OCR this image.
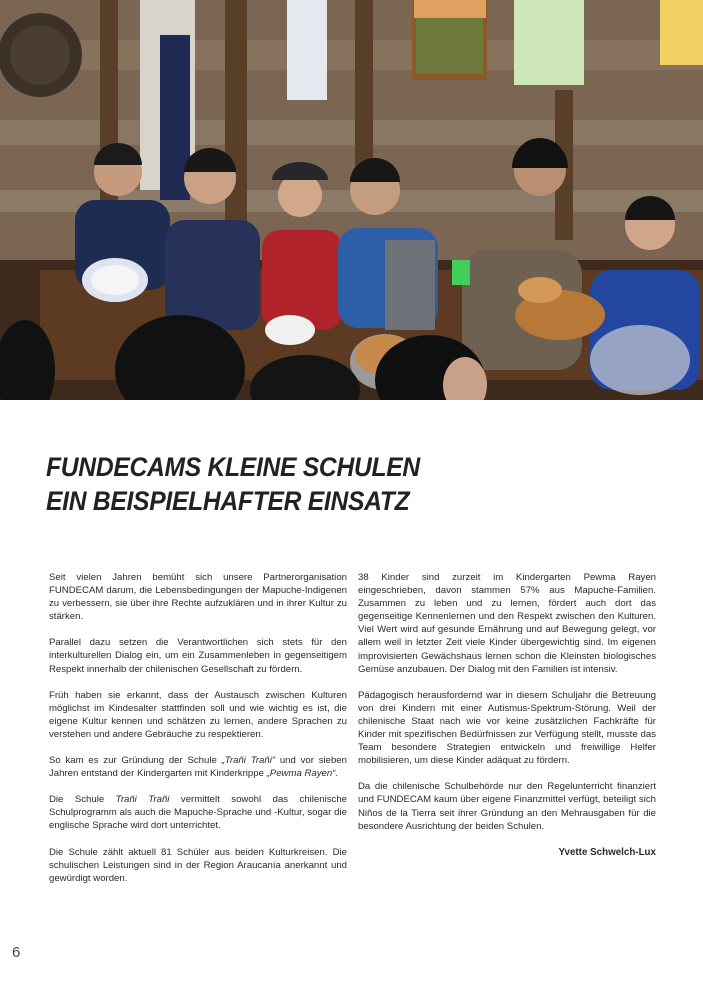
FUNDECAMS KLEINE SCHULEN
EIN BEISPIELHAFTER EINSATZ

Seit vielen Jahren bemüht sich unsere Partnerorganisation FUNDECAM darum, die Lebensbedingungen der Mapuche-Indigenen zu verbessern, sie über ihre Rechte aufzuklären und in ihrer Kultur zu stärken.

Parallel dazu setzen die Verantwortlichen sich stets für den interkulturellen Dialog ein, um ein Zusammenleben in gegenseitigem Respekt innerhalb der chilenischen Gesellschaft zu fördern.

Früh haben sie erkannt, dass der Austausch zwischen Kulturen möglichst im Kindesalter stattfinden soll und wie wichtig es ist, die eigene Kultur kennen und schätzen zu lernen, andere Sprachen zu verstehen und andere Gebräuche zu respektieren.

So kam es zur Gründung der Schule „Trañi Trañi“ und vor sieben Jahren entstand der Kindergarten mit Kinderkrippe „Pewma Rayen“.

Die Schule Trañi Trañi vermittelt sowohl das chilenische Schulprogramm als auch die Mapuche-Sprache und -Kultur, sogar die englische Sprache wird dort unterrichtet.

Die Schule zählt aktuell 81 Schüler aus beiden Kulturkreisen. Die schulischen Leistungen sind in der Region Araucanía anerkannt und gewürdigt worden.

38 Kinder sind zurzeit im Kindergarten Pewma Rayen eingeschrieben, davon stammen 57% aus Mapuche-Familien. Zusammen zu leben und zu lernen, fördert auch dort das gegenseitige Kennenlernen und den Respekt zwischen den Kulturen. Viel Wert wird auf gesunde Ernährung und auf Bewegung gelegt, vor allem weil in letzter Zeit viele Kinder übergewichtig sind. Im eigenen improvisierten Gewächshaus lernen schon die Kleinsten biologisches Gemüse anzubauen. Der Dialog mit den Familien ist intensiv.

Pädagogisch herausfordernd war in diesem Schuljahr die Betreuung von drei Kindern mit einer Autismus-Spektrum-Störung. Weil der chilenische Staat nach wie vor keine zusätzlichen Fachkräfte für Kinder mit spezifischen Bedürfnissen zur Verfügung stellt, musste das Team besondere Strategien entwickeln und freiwillige Helfer mobilisieren, um diese Kinder adäquat zu fördern.

Da die chilenische Schulbehörde nur den Regelunterricht finanziert und FUNDECAM kaum über eigene Finanzmittel verfügt, beteiligt sich Niños de la Tierra seit ihrer Gründung an den Mehrausgaben für die besondere Ausrichtung der beiden Schulen.

Yvette Schwelch-Lux
6
